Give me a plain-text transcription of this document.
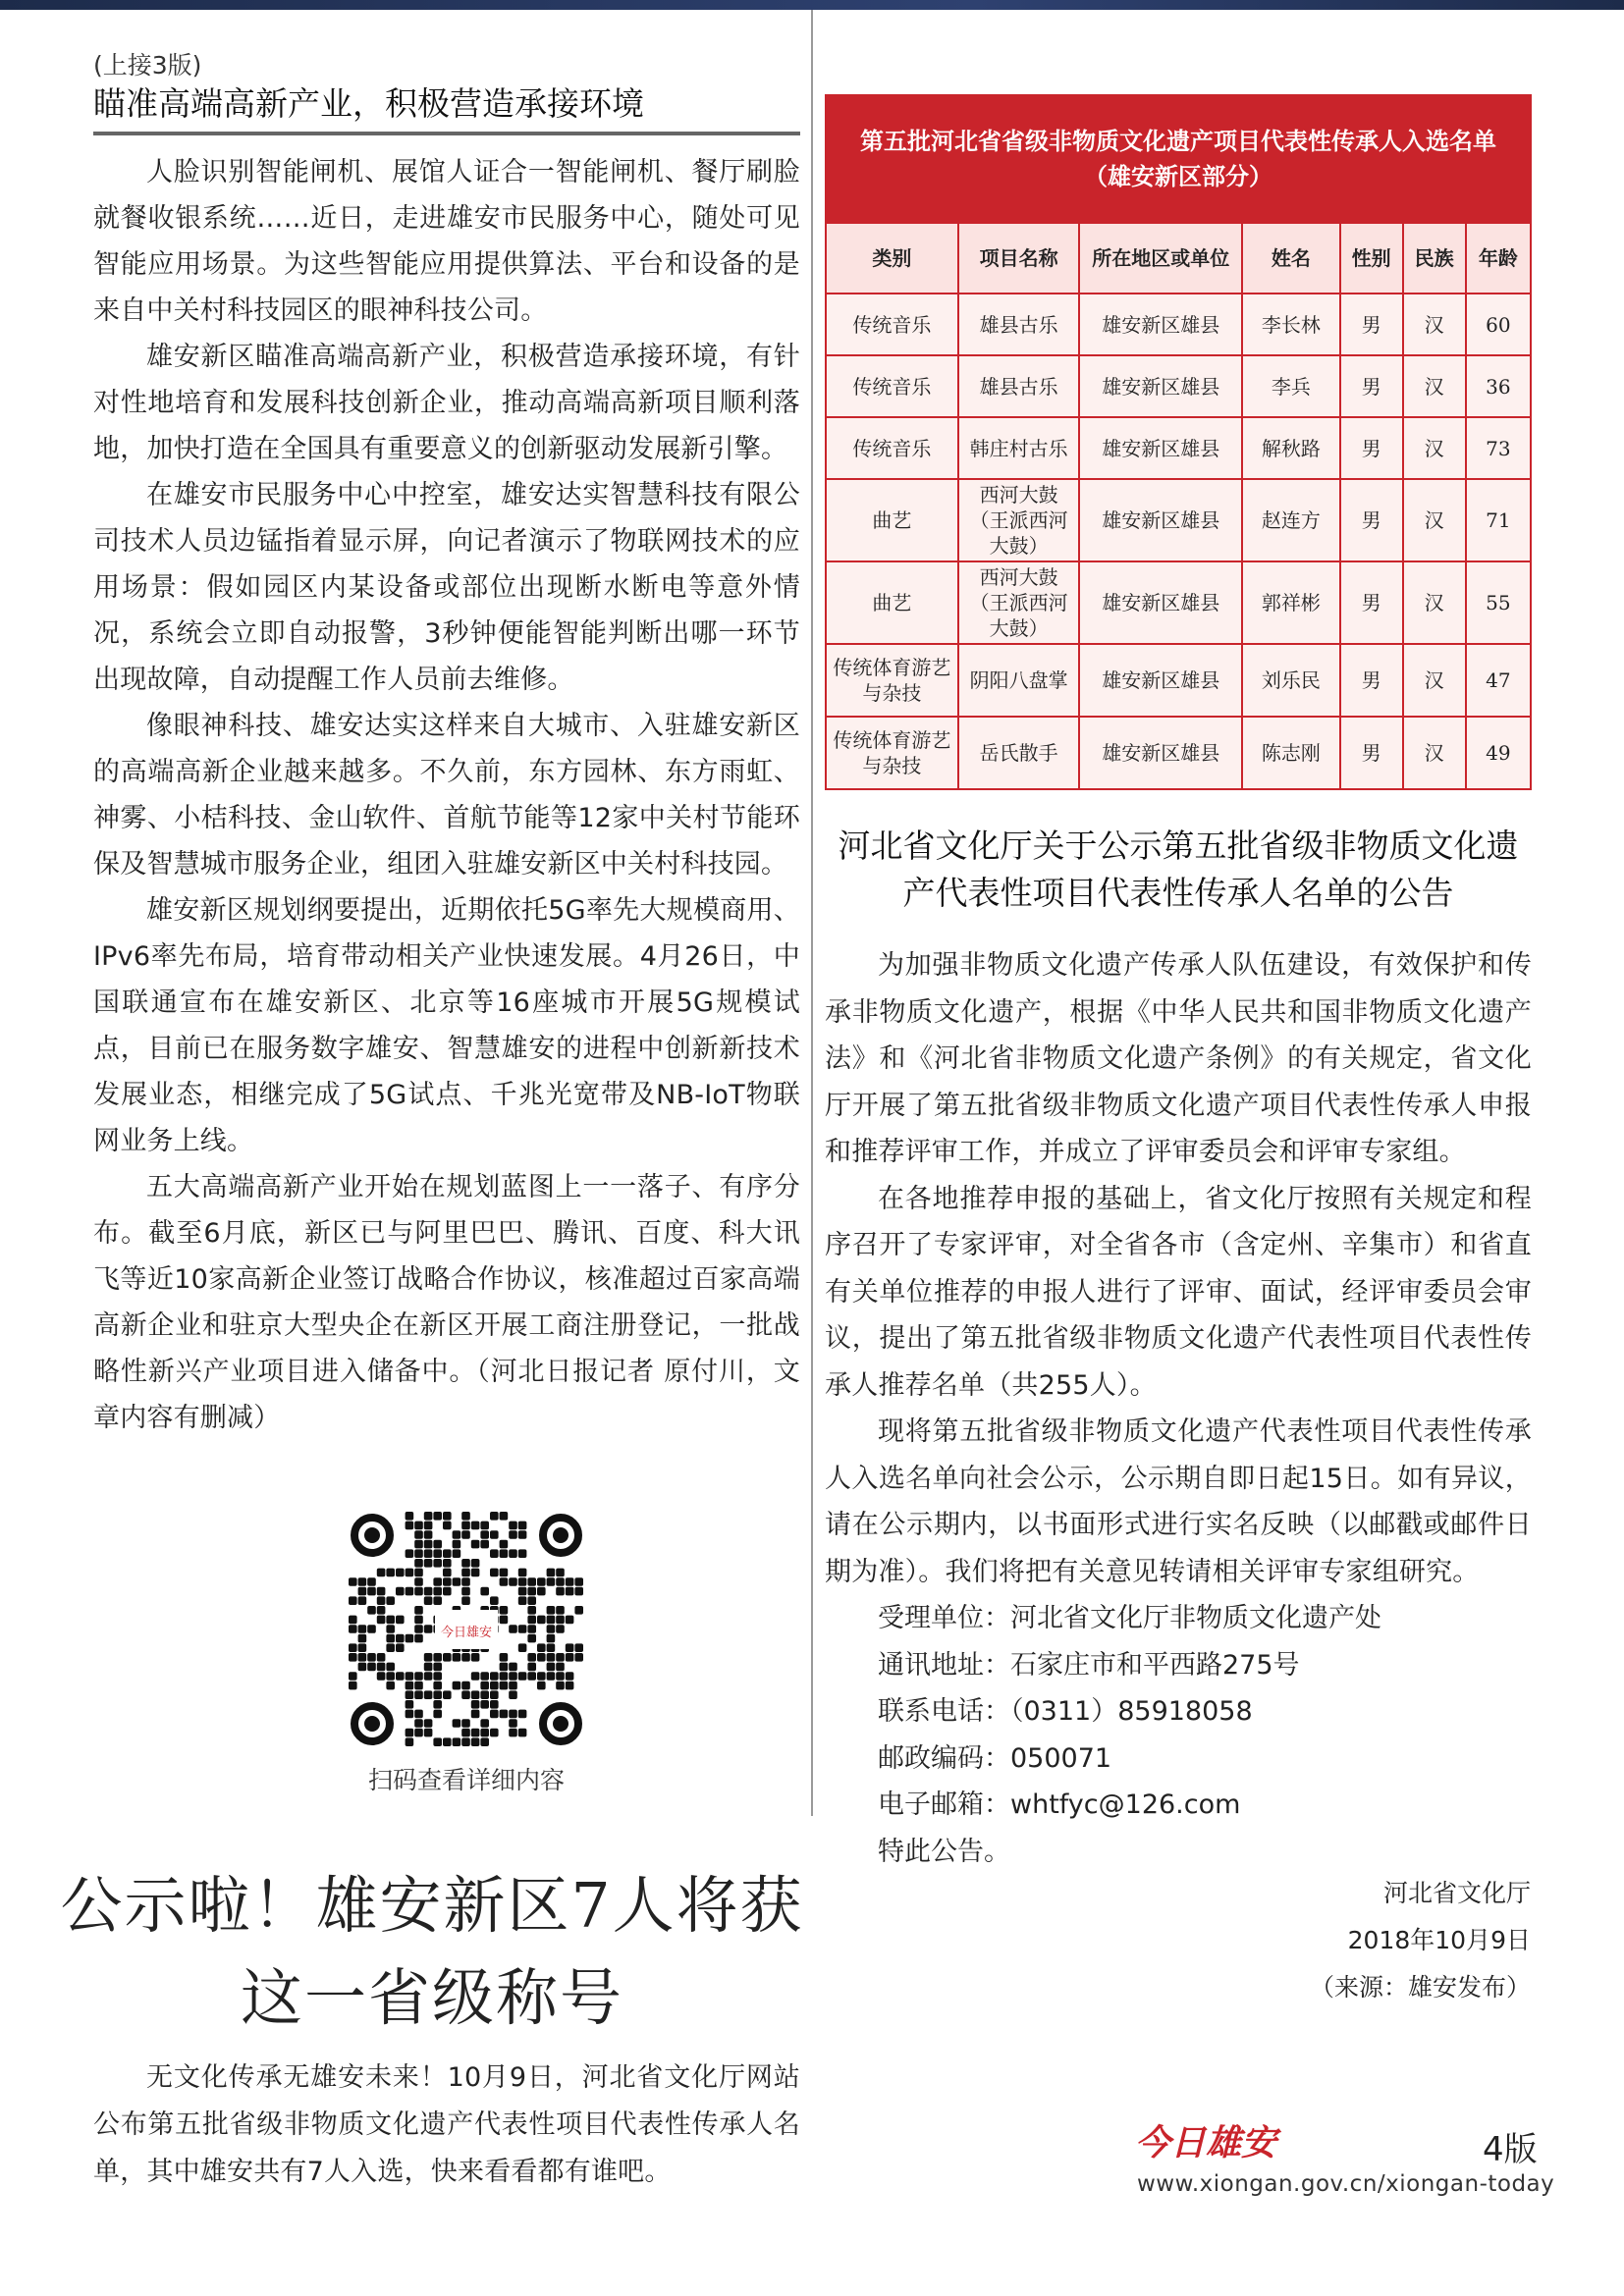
(上接3版)
瞄准高端高新产业，积极营造承接环境

人脸识别智能闸机、展馆人证合一智能闸机、餐厅刷脸就餐收银系统……近日，走进雄安市民服务中心，随处可见智能应用场景。为这些智能应用提供算法、平台和设备的是来自中关村科技园区的眼神科技公司。

雄安新区瞄准高端高新产业，积极营造承接环境，有针对性地培育和发展科技创新企业，推动高端高新项目顺利落地，加快打造在全国具有重要意义的创新驱动发展新引擎。

在雄安市民服务中心中控室，雄安达实智慧科技有限公司技术人员边锰指着显示屏，向记者演示了物联网技术的应用场景：假如园区内某设备或部位出现断水断电等意外情况，系统会立即自动报警，3秒钟便能智能判断出哪一环节出现故障，自动提醒工作人员前去维修。

像眼神科技、雄安达实这样来自大城市、入驻雄安新区的高端高新企业越来越多。不久前，东方园林、东方雨虹、神雾、小桔科技、金山软件、首航节能等12家中关村节能环保及智慧城市服务企业，组团入驻雄安新区中关村科技园。

雄安新区规划纲要提出，近期依托5G率先大规模商用、IPv6率先布局，培育带动相关产业快速发展。4月26日，中国联通宣布在雄安新区、北京等16座城市开展5G规模试点，目前已在服务数字雄安、智慧雄安的进程中创新新技术发展业态，相继完成了5G试点、千兆光宽带及NB-IoT物联网业务上线。

五大高端高新产业开始在规划蓝图上一一落子、有序分布。截至6月底，新区已与阿里巴巴、腾讯、百度、科大讯飞等近10家高新企业签订战略合作协议，核准超过百家高端高新企业和驻京大型央企在新区开展工商注册登记，一批战略性新兴产业项目进入储备中。（河北日报记者 原付川，文章内容有删减）

今日雄安
扫码查看详细内容
公示啦！雄安新区7人将获这一省级称号

无文化传承无雄安未来！10月9日，河北省文化厅网站公布第五批省级非物质文化遗产代表性项目代表性传承人名单，其中雄安共有7人入选，快来看看都有谁吧。

第五批河北省省级非物质文化遗产项目代表性传承人入选名单
（雄安新区部分）
类别	项目名称	所在地区或单位	姓名	性别	民族	年龄
传统音乐	雄县古乐	雄安新区雄县	李长林	男	汉	60
传统音乐	雄县古乐	雄安新区雄县	李兵	男	汉	36
传统音乐	韩庄村古乐	雄安新区雄县	解秋路	男	汉	73
曲艺	西河大鼓（王派西河大鼓）	雄安新区雄县	赵连方	男	汉	71
曲艺	西河大鼓（王派西河大鼓）	雄安新区雄县	郭祥彬	男	汉	55
传统体育游艺与杂技	阴阳八盘掌	雄安新区雄县	刘乐民	男	汉	47
传统体育游艺与杂技	岳氏散手	雄安新区雄县	陈志刚	男	汉	49
河北省文化厅关于公示第五批省级非物质文化遗
产代表性项目代表性传承人名单的公告

为加强非物质文化遗产传承人队伍建设，有效保护和传承非物质文化遗产，根据《中华人民共和国非物质文化遗产法》和《河北省非物质文化遗产条例》的有关规定，省文化厅开展了第五批省级非物质文化遗产项目代表性传承人申报和推荐评审工作，并成立了评审委员会和评审专家组。

在各地推荐申报的基础上，省文化厅按照有关规定和程序召开了专家评审，对全省各市（含定州、辛集市）和省直有关单位推荐的申报人进行了评审、面试，经评审委员会审议，提出了第五批省级非物质文化遗产代表性项目代表性传承人推荐名单（共255人）。

现将第五批省级非物质文化遗产代表性项目代表性传承人入选名单向社会公示，公示期自即日起15日。如有异议，请在公示期内，以书面形式进行实名反映（以邮戳或邮件日期为准）。我们将把有关意见转请相关评审专家组研究。

受理单位：河北省文化厅非物质文化遗产处
通讯地址：石家庄市和平西路275号
联系电话：（0311）85918058
邮政编码：050071
电子邮箱：whtfyc@126.com
特此公告。
河北省文化厅
2018年10月9日
（来源：雄安发布）
今日雄安	4版
www.xiongan.gov.cn/xiongan-today
